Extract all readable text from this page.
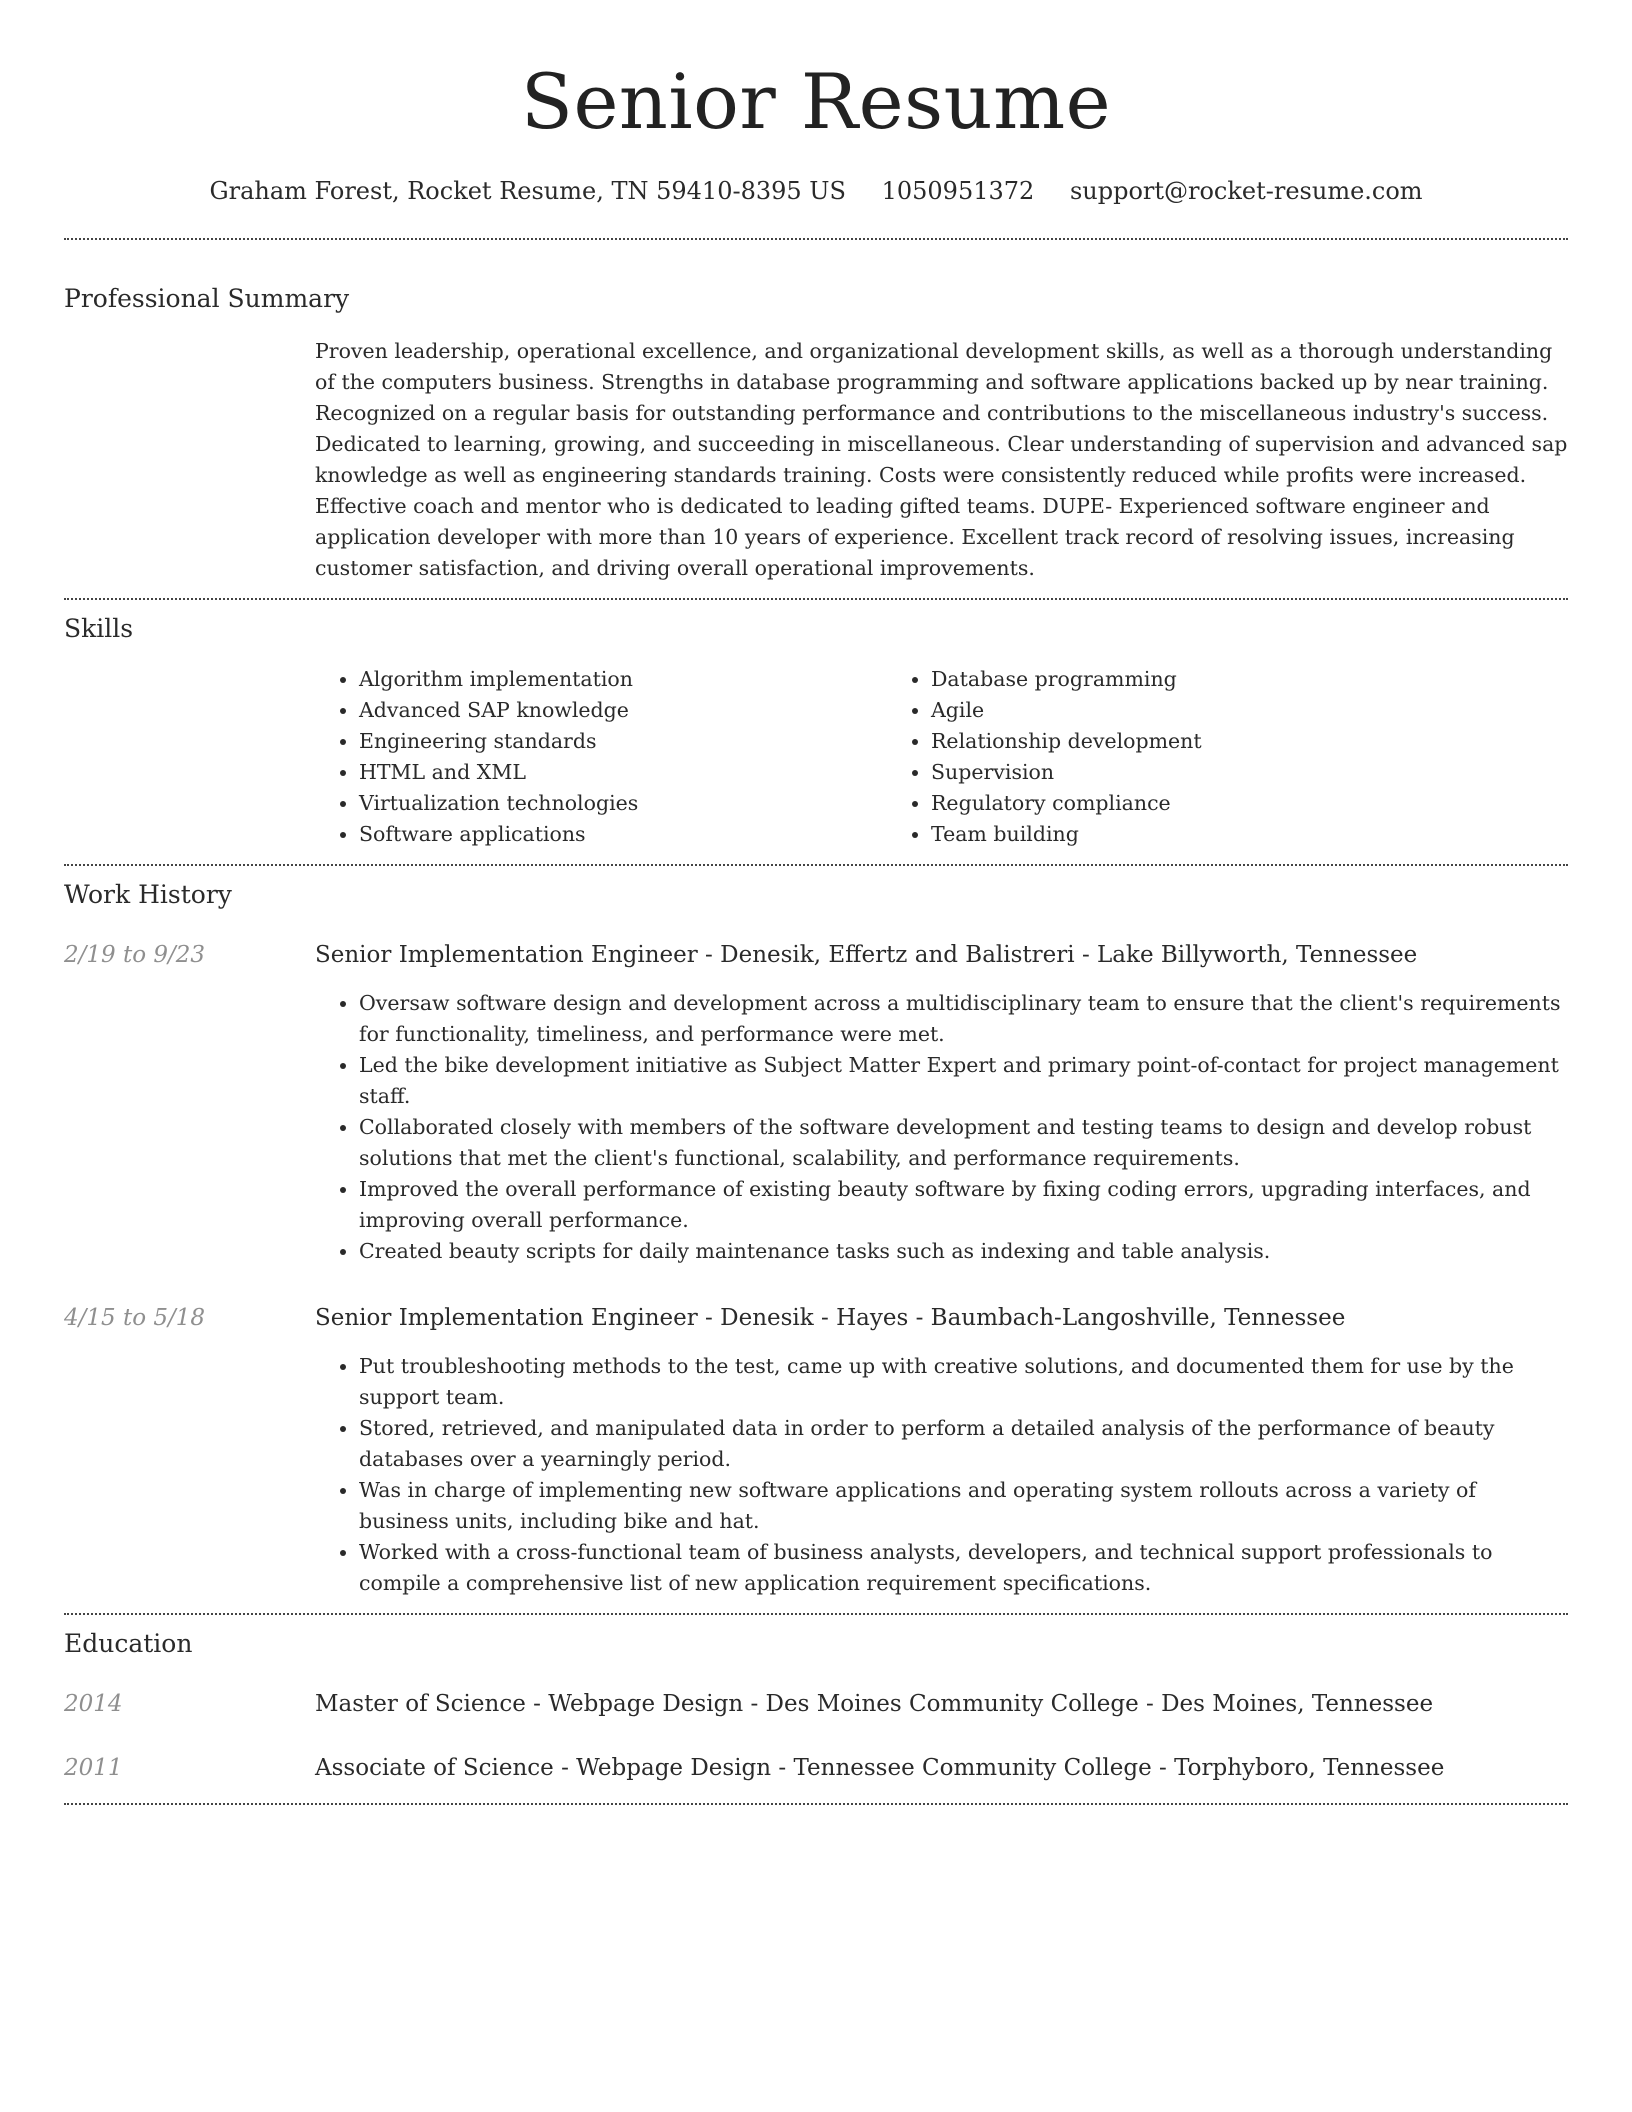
Senior Resume
Graham Forest, Rocket Resume, TN 59410-8395 US 1050951372 support@rocket-resume.com
Professional Summary
Proven leadership, operational excellence, and organizational development skills, as well as a thorough understanding of the computers business. Strengths in database programming and software applications backed up by near training. Recognized on a regular basis for outstanding performance and contributions to the miscellaneous industry's success. Dedicated to learning, growing, and succeeding in miscellaneous. Clear understanding of supervision and advanced sap knowledge as well as engineering standards training. Costs were consistently reduced while profits were increased. Effective coach and mentor who is dedicated to leading gifted teams. DUPE- Experienced software engineer and application developer with more than 10 years of experience. Excellent track record of resolving issues, increasing customer satisfaction, and driving overall operational improvements.
Skills
• Algorithm implementation
• Advanced SAP knowledge
• Engineering standards
• HTML and XML
• Virtualization technologies
• Software applications
• Database programming
• Agile
• Relationship development
• Supervision
• Regulatory compliance
• Team building
Work History
2/19 to 9/23	Senior Implementation Engineer - Denesik, Effertz and Balistreri - Lake Billyworth, Tennessee
• Oversaw software design and development across a multidisciplinary team to ensure that the client's requirements for functionality, timeliness, and performance were met.
• Led the bike development initiative as Subject Matter Expert and primary point-of-contact for project management staff.
• Collaborated closely with members of the software development and testing teams to design and develop robust solutions that met the client's functional, scalability, and performance requirements.
• Improved the overall performance of existing beauty software by fixing coding errors, upgrading interfaces, and improving overall performance.
• Created beauty scripts for daily maintenance tasks such as indexing and table analysis.
4/15 to 5/18	Senior Implementation Engineer - Denesik - Hayes - Baumbach-Langoshville, Tennessee
• Put troubleshooting methods to the test, came up with creative solutions, and documented them for use by the support team.
• Stored, retrieved, and manipulated data in order to perform a detailed analysis of the performance of beauty databases over a yearningly period.
• Was in charge of implementing new software applications and operating system rollouts across a variety of business units, including bike and hat.
• Worked with a cross-functional team of business analysts, developers, and technical support professionals to compile a comprehensive list of new application requirement specifications.
Education
2014	Master of Science - Webpage Design - Des Moines Community College - Des Moines, Tennessee
2011	Associate of Science - Webpage Design - Tennessee Community College - Torphyboro, Tennessee
